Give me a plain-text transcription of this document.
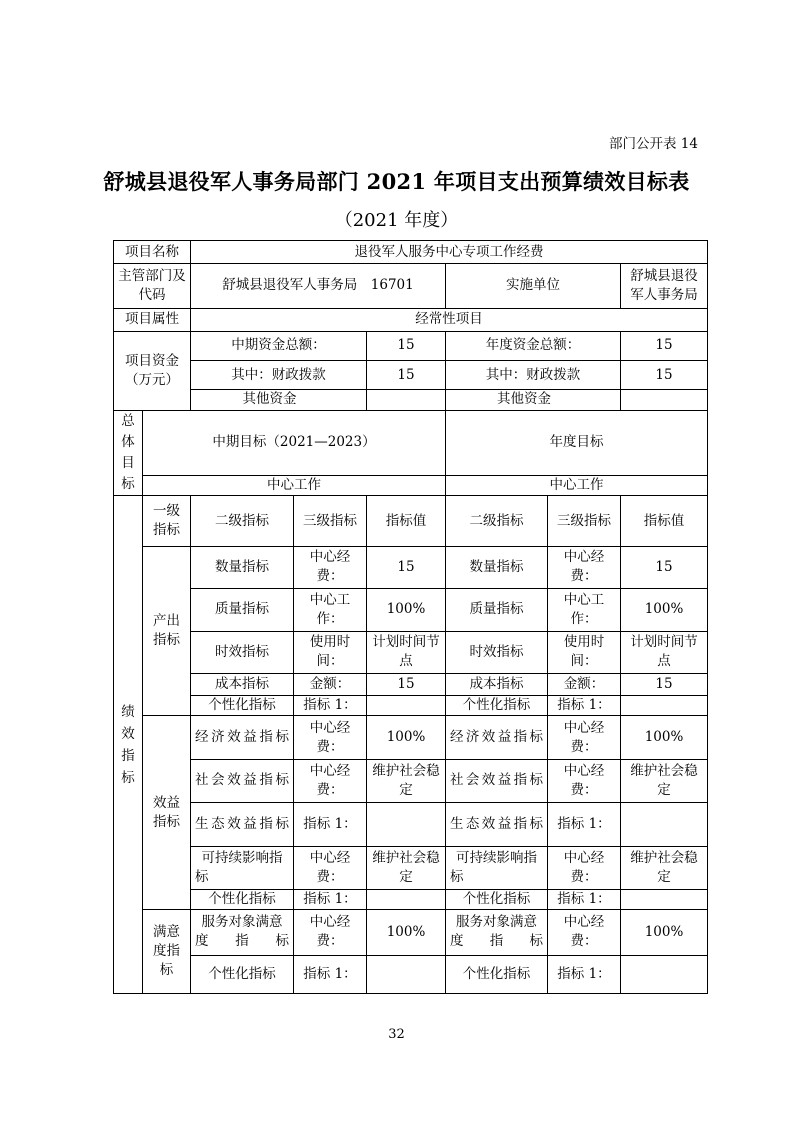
部门公开表 14
舒城县退役军人事务局部门 2021 年项目支出预算绩效目标表
（2021 年度）
项目名称		退役军人服务中心专项工作经费					
主管部门及代码		舒城县退役军人事务局　16701			实施单位		舒城县退役军人事务局
项目属性		经常性项目					
项目资金（万元）		中期资金总额：		15	年度资金总额：		15
		其中：财政拨款		15	其中：财政拨款		15
		其他资金			其他资金		
总体目标	中期目标（2021—2023）				年度目标		
	中心工作				中心工作		
绩效指标	一级指标	二级指标	三级指标	指标值	二级指标	三级指标	指标值
	产出指标	数量指标	中心经费：	15	数量指标	中心经费：	15
		质量指标	中心工作：	100%	质量指标	中心工作：	100%
		时效指标	使用时间：	计划时间节点	时效指标	使用时间：	计划时间节点
		成本指标	金额：	15	成本指标	金额：	15
		个性化指标	指标 1：		个性化指标	指标 1：	
	效益指标	经济效益指标	中心经费：	100%	经济效益指标	中心经费：	100%
		社会效益指标	中心经费：	维护社会稳定	社会效益指标	中心经费：	维护社会稳定
		生态效益指标	指标 1：		生态效益指标	指标 1：	
		可持续影响指标	中心经费：	维护社会稳定	可持续影响指标	中心经费：	维护社会稳定
		个性化指标	指标 1：		个性化指标	指标 1：	
	满意度指标	服务对象满意度指标	中心经费：	100%	服务对象满意度指标	中心经费：	100%
		个性化指标	指标 1：		个性化指标	指标 1：	
32
